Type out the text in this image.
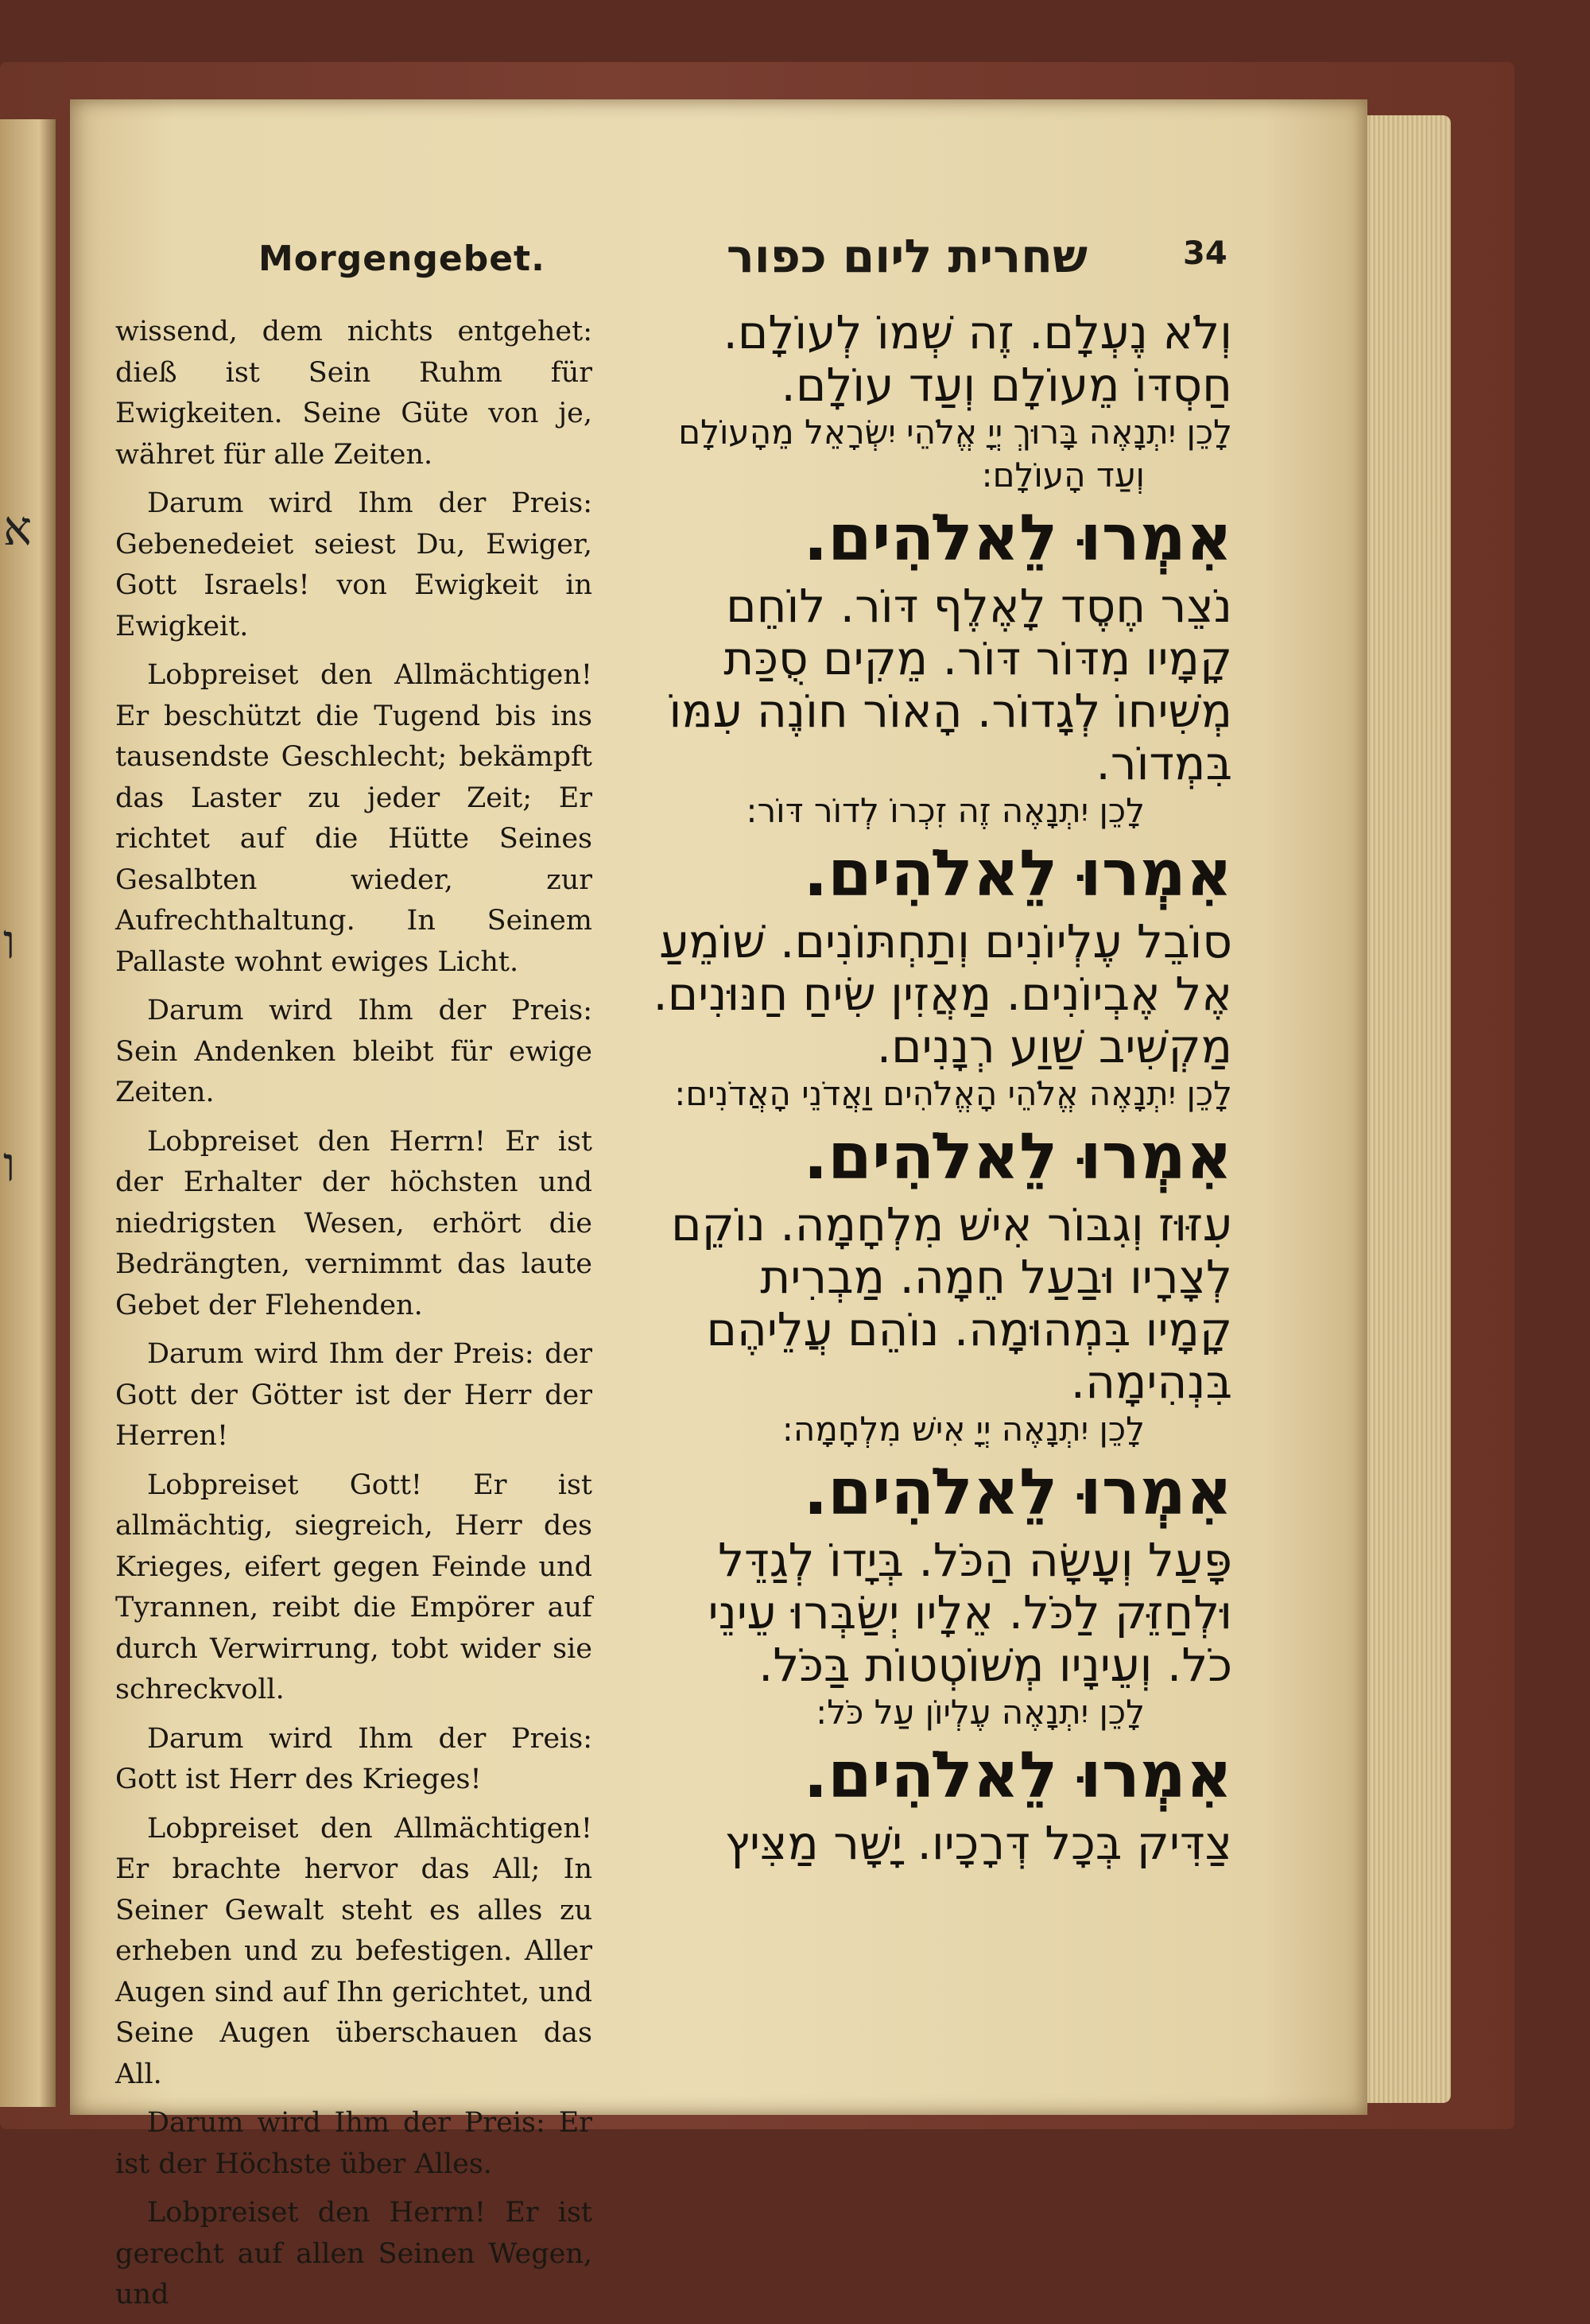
א
ו
ו
Morgengebet.	שחרית ליום כפור	34

wissend, dem nichts entgehet: dieß ist Sein Ruhm für Ewigkeiten. Seine Güte von je, währet für alle Zeiten.

Darum wird Ihm der Preis: Gebenedeiet seiest Du, Ewiger, Gott Israels! von Ewigkeit in Ewigkeit.

Lobpreiset den Allmächtigen! Er beschützt die Tugend bis ins tausendste Geschlecht; bekämpft das Laster zu jeder Zeit; Er richtet auf die Hütte Seines Gesalbten wieder, zur Aufrechthaltung. In Seinem Pallaste wohnt ewiges Licht.

Darum wird Ihm der Preis: Sein Andenken bleibt für ewige Zeiten.

Lobpreiset den Herrn! Er ist der Erhalter der höchsten und niedrigsten Wesen, erhört die Bedrängten, vernimmt das laute Gebet der Flehenden.

Darum wird Ihm der Preis: der Gott der Götter ist der Herr der Herren!

Lobpreiset Gott! Er ist allmächtig, siegreich, Herr des Krieges, eifert gegen Feinde und Tyrannen, reibt die Empörer auf durch Verwirrung, tobt wider sie schreckvoll.

Darum wird Ihm der Preis: Gott ist Herr des Krieges!

Lobpreiset den Allmächtigen! Er brachte hervor das All; In Seiner Gewalt steht es alles zu erheben und zu befestigen. Aller Augen sind auf Ihn gerichtet, und Seine Augen überschauen das All.

Darum wird Ihm der Preis: Er ist der Höchste über Alles.

Lobpreiset den Herrn! Er ist gerecht auf allen Seinen Wegen, und

וְלֹא נֶעְלָם. זֶה שְׁמוֹ לְעוֹלָם.
חַסְדּוֹ מֵעוֹלָם וְעַד עוֹלָם.
לָכֵן יִתְנָאֶה בָּרוּךְ יְיָ אֱלֹהֵי יִשְׂרָאֵל מֵהָעוֹלָם
וְעַד הָעוֹלָם:
אִמְרוּ לֵאלֹהִים.
נֹצֵר חֶסֶד לָאֶלֶף דּוֹר. לוֹחֵם
קָמָיו מִדּוֹר דּוֹר. מֵקִים סֻכַּת
מְשִׁיחוֹ לְגָדוֹר. הָאוֹר חוֹנֶה עִמּוֹ
בִּמְדוֹר.
לָכֵן יִתְנָאֶה זֶה זִכְרוֹ לְדוֹר דּוֹר:
אִמְרוּ לֵאלֹהִים.
סוֹבֵל עֶלְיוֹנִים וְתַחְתּוֹנִים. שׁוֹמֵעַ
אֶל אֶבְיוֹנִים. מַאֲזִין שִׂיחַ חַנּוּנִים.
מַקְשִׁיב שַׁוַע רְנָנִים.
לָכֵן יִתְנָאֶה אֱלֹהֵי הָאֱלֹהִים וַאֲדֹנֵי הָאֲדֹנִים:
אִמְרוּ לֵאלֹהִים.
עִזּוּז וְגִבּוֹר אִישׁ מִלְחָמָה. נוֹקֵם
לְצָרָיו וּבַעַל חֵמָה. מַבְרִית
קָמָיו בִּמְהוּמָה. נוֹהֵם עֲלֵיהֶם
בִּנְהִימָה.
לָכֵן יִתְנָאֶה יְיָ אִישׁ מִלְחָמָה:
אִמְרוּ לֵאלֹהִים.
פָּעַל וְעָשָׂה הַכֹּל. בְּיָדוֹ לְגַדֵּל
וּלְחַזֵּק לַכֹּל. אֵלָיו יְשַׂבְּרוּ עֵינֵי
כֹל. וְעֵינָיו מְשׁוֹטְטוֹת בַּכֹּל.
לָכֵן יִתְנָאֶה עֶלְיוֹן עַל כֹּל:
אִמְרוּ לֵאלֹהִים.
צַדִּיק בְּכָל דְּרָכָיו. יָשָׁר מַצִּיץ
